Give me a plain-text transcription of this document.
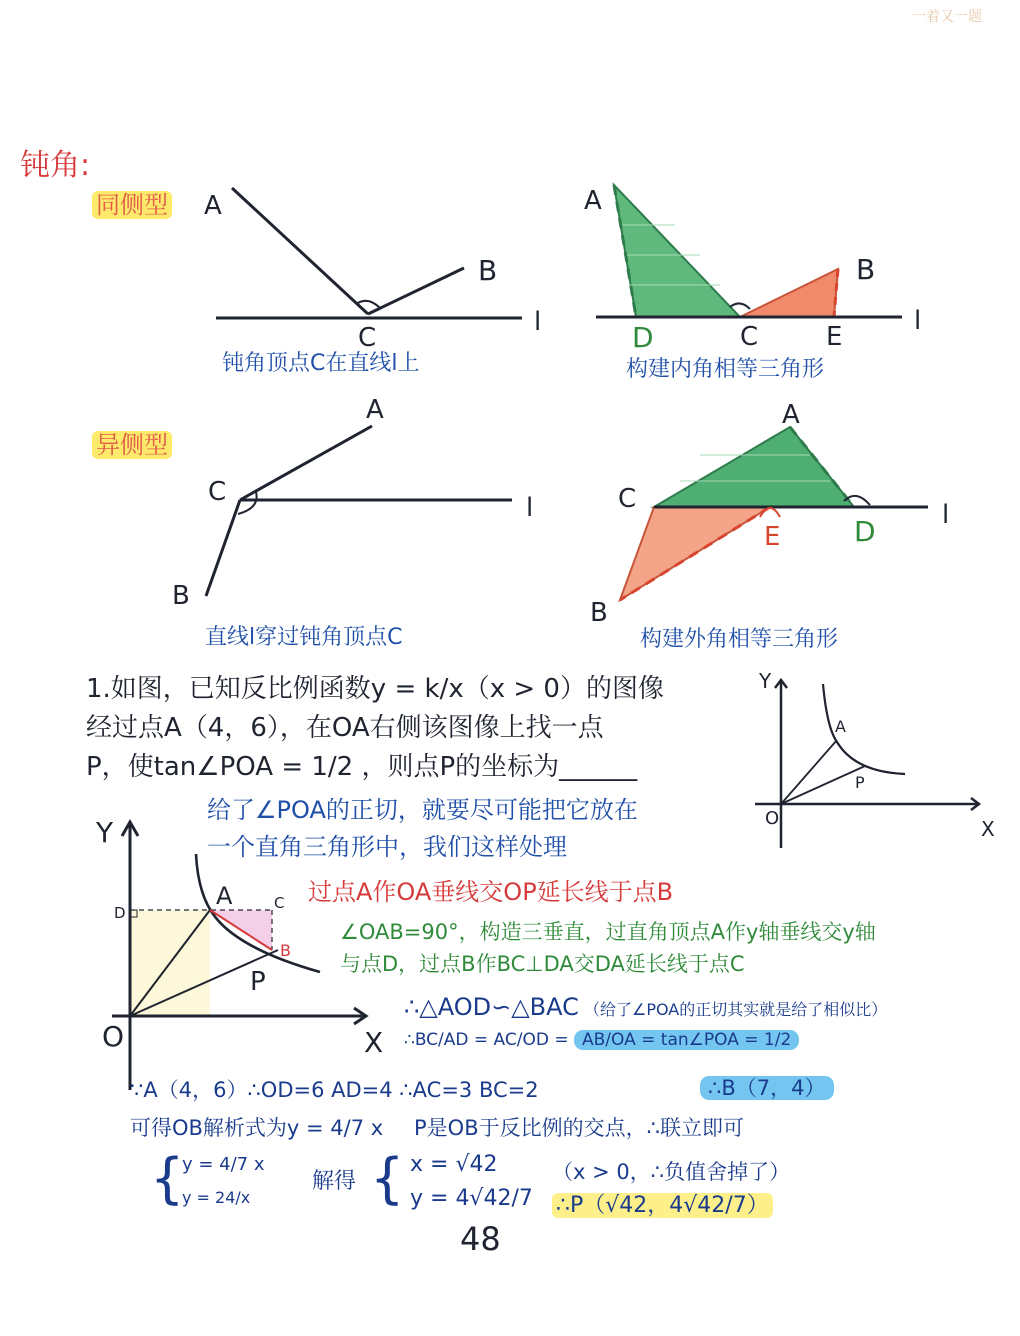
一着又一题
钝角:
同侧型 A
B
C
l
钝角顶点C在直线l上
A
B
C
D	E
l
构建内角相等三角形
异侧型
A
C
B
l
直线l穿过钝角顶点C
A
C
B
E	D	l
构建外角相等三角形
1.如图，已知反比例函数y = k/x（x > 0）的图像
经过点A（4，6），在OA右侧该图像上找一点
P，使tan∠POA = 1/2 ，则点P的坐标为______
Y
X
O
A
P
给了∠POA的正切，就要尽可能把它放在
一个直角三角形中，我们这样处理
Y
X
O
A
B
C
D
P
过点A作OA垂线交OP延长线于点B
∠OAB=90°，构造三垂直，过直角顶点A作y轴垂线交y轴
与点D，过点B作BC⊥DA交DA延长线于点C
∴△AOD∽△BAC （给了∠POA的正切其实就是给了相似比）
∴BC/AD = AC/OD = AB/OA = tan∠POA = 1/2
∵A（4，6）∴OD=6 AD=4 ∴AC=3 BC=2	∴B（7，4）
可得OB解析式为y = 4/7 x P是OB于反比例的交点，∴联立即可
{
y = 4/7 x
y = 24/x
解得 { x = √42
y = 4√42/7
（x > 0，∴负值舍掉了）
∴P（√42，4√42/7）
48
